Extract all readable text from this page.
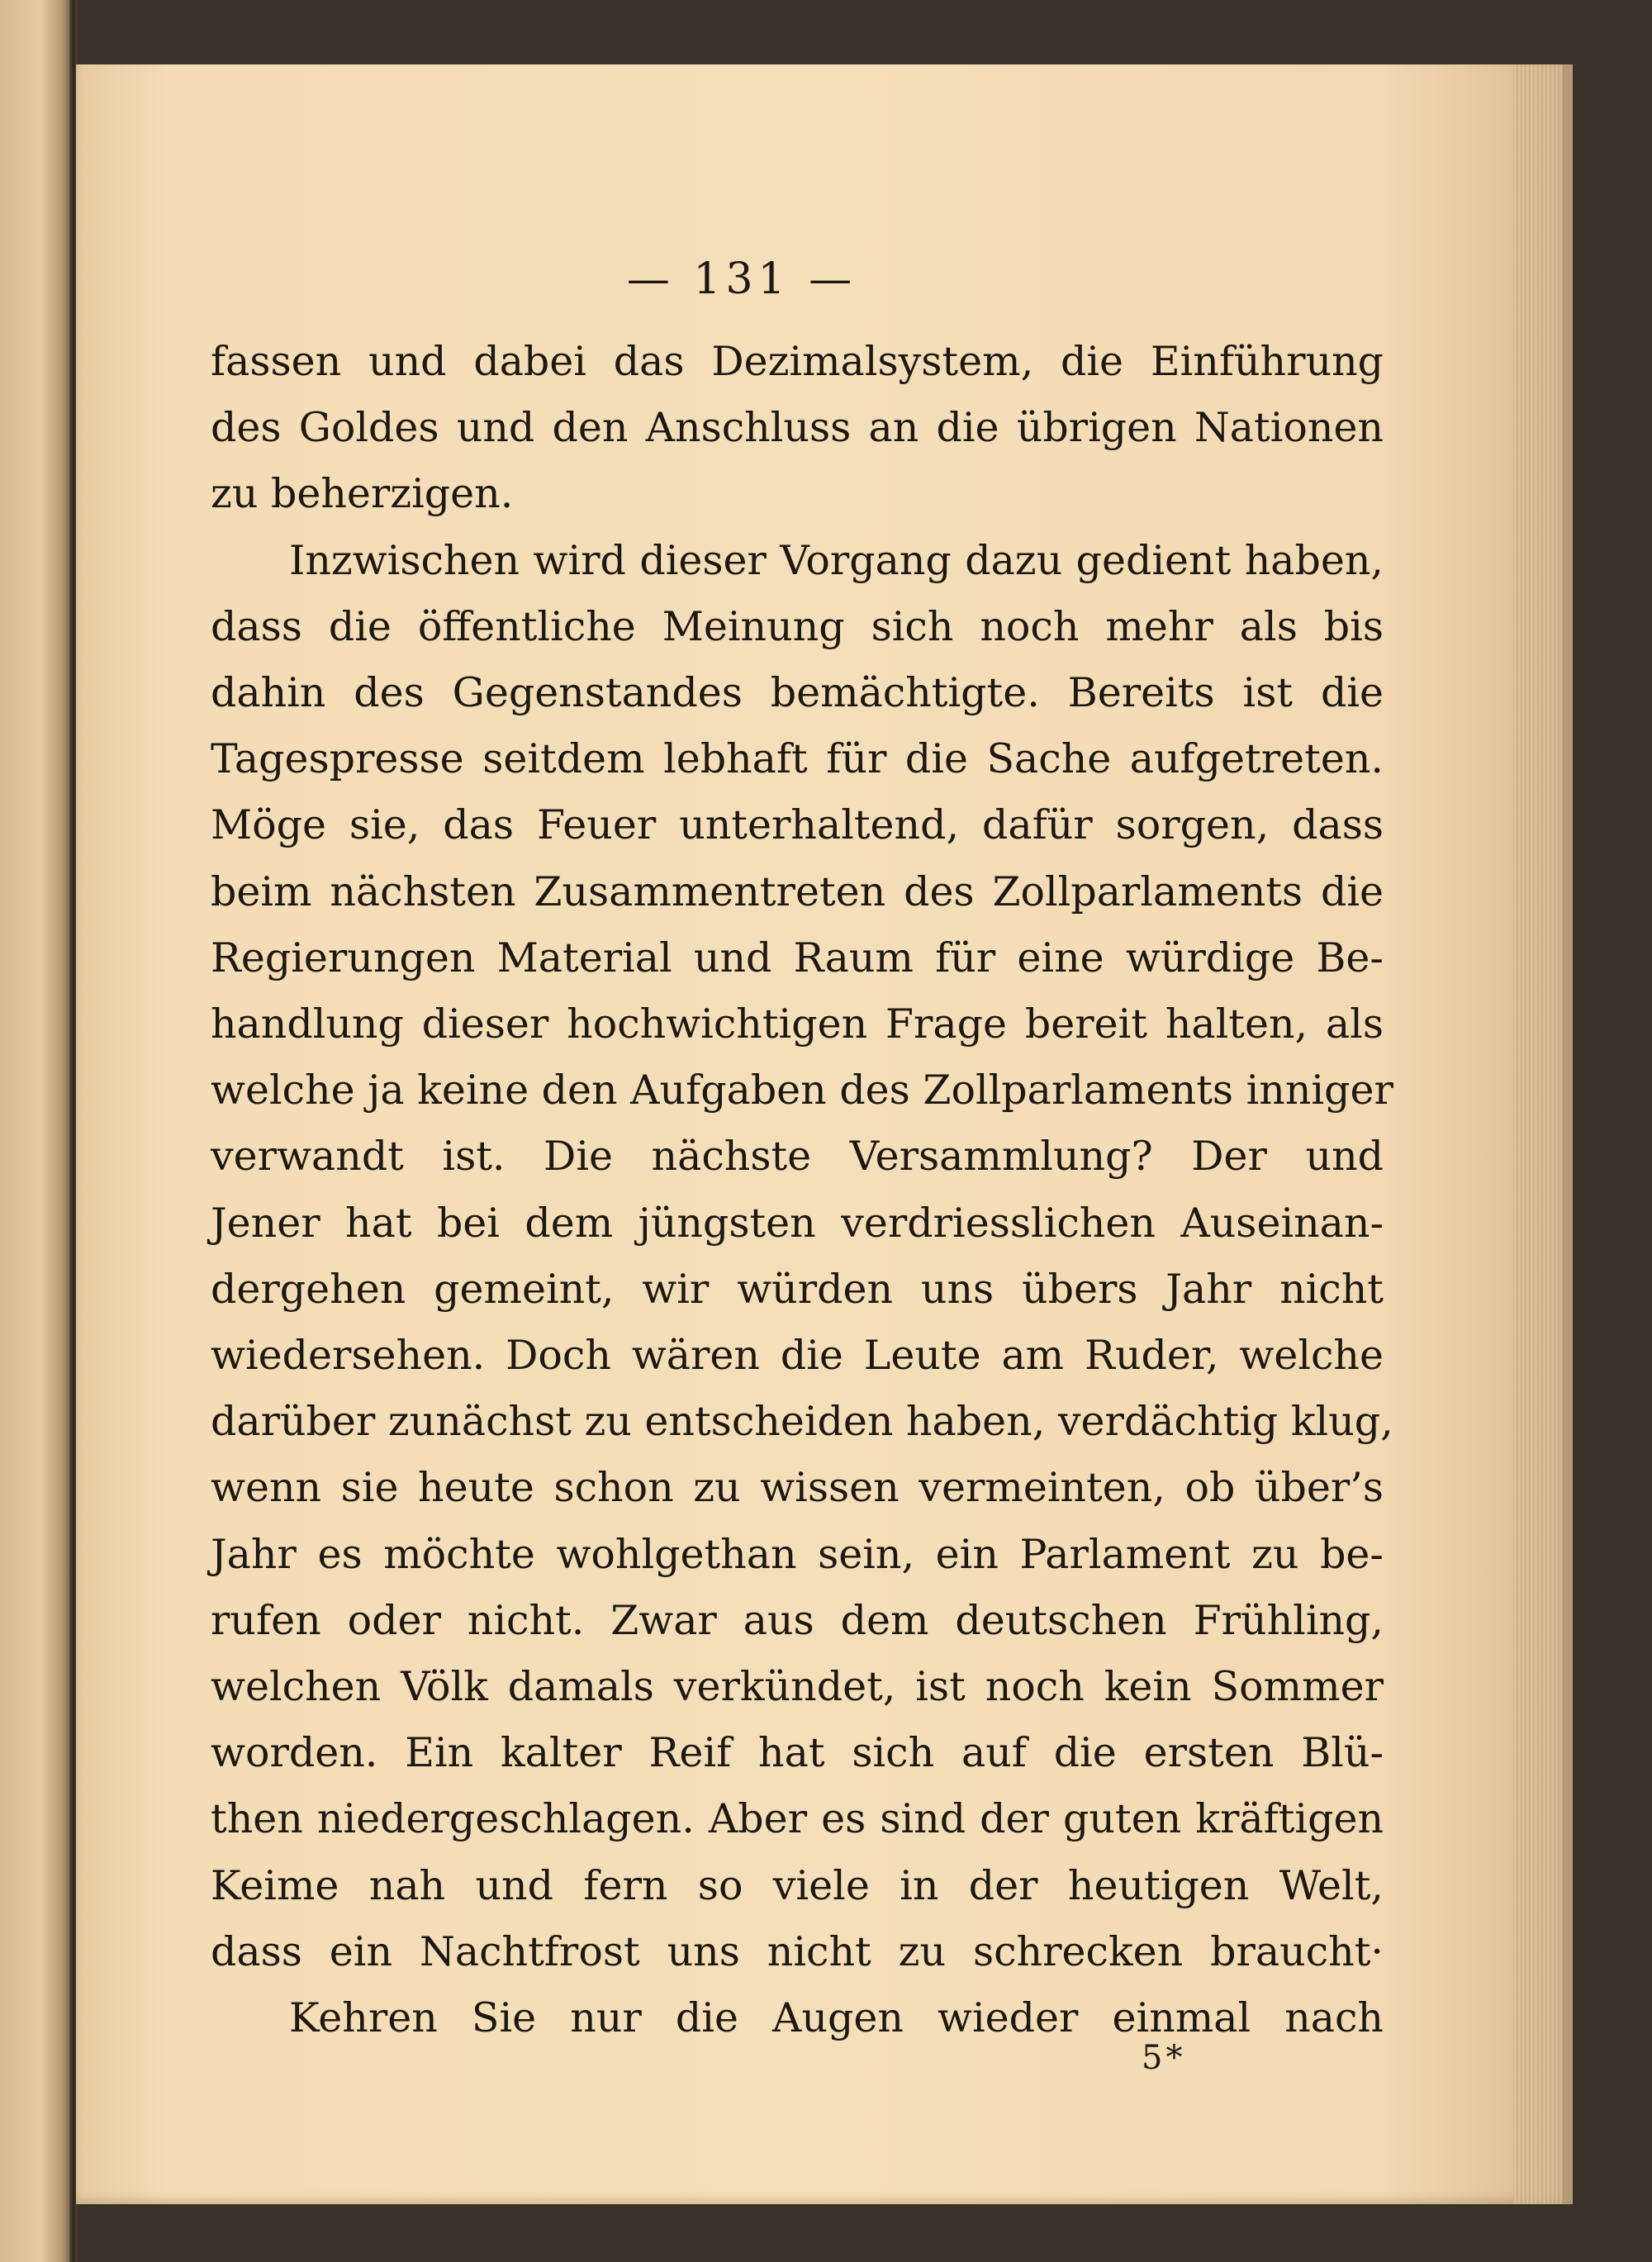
— 131 —
fassen und dabei das Dezimalsystem, die Einführung
des Goldes und den Anschluss an die übrigen Nationen
zu beherzigen.
Inzwischen wird dieser Vorgang dazu gedient haben,
dass die öffentliche Meinung sich noch mehr als bis
dahin des Gegenstandes bemächtigte. Bereits ist die
Tagespresse seitdem lebhaft für die Sache aufgetreten.
Möge sie, das Feuer unterhaltend, dafür sorgen, dass
beim nächsten Zusammentreten des Zollparlaments die
Regierungen Material und Raum für eine würdige Be-
handlung dieser hochwichtigen Frage bereit halten, als
welche ja keine den Aufgaben des Zollparlaments inniger
verwandt ist. Die nächste Versammlung? Der und
Jener hat bei dem jüngsten verdriesslichen Auseinan-
dergehen gemeint, wir würden uns übers Jahr nicht
wiedersehen. Doch wären die Leute am Ruder, welche
darüber zunächst zu entscheiden haben, verdächtig klug,
wenn sie heute schon zu wissen vermeinten, ob über’s
Jahr es möchte wohlgethan sein, ein Parlament zu be-
rufen oder nicht. Zwar aus dem deutschen Frühling,
welchen Völk damals verkündet, ist noch kein Sommer
worden. Ein kalter Reif hat sich auf die ersten Blü-
then niedergeschlagen. Aber es sind der guten kräftigen
Keime nah und fern so viele in der heutigen Welt,
dass ein Nachtfrost uns nicht zu schrecken braucht·
Kehren Sie nur die Augen wieder einmal nach
5*
